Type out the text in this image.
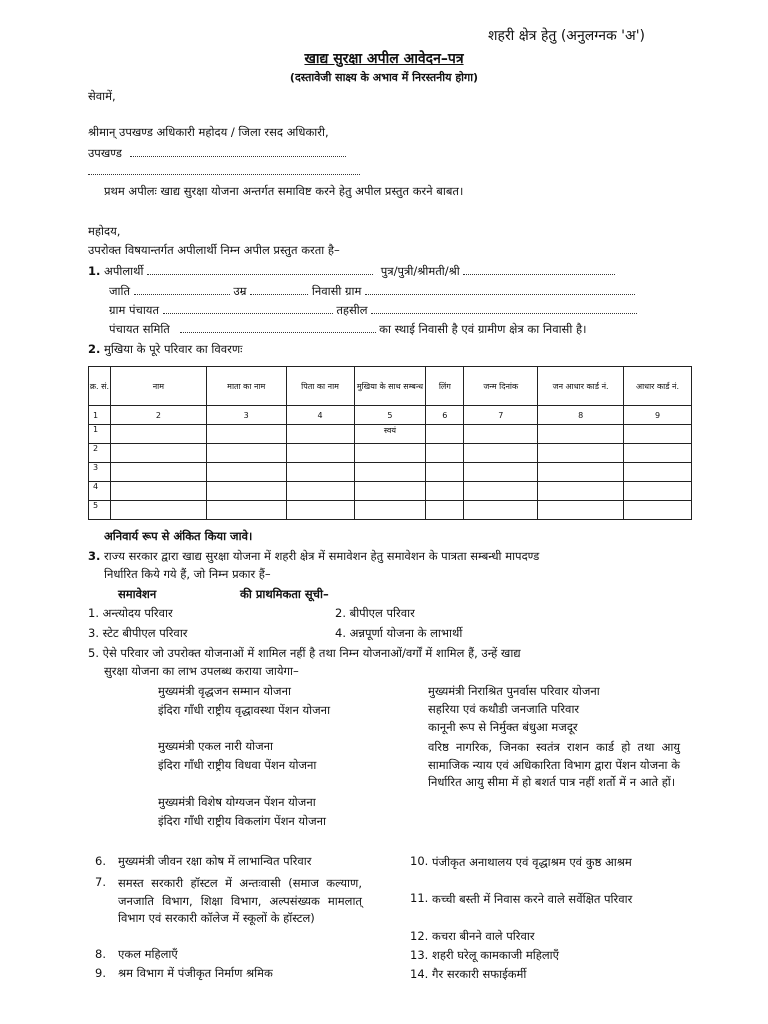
शहरी क्षेत्र हेतु (अनुलग्नक 'अ')
खाद्य सुरक्षा अपील आवेदन–पत्र
(दस्तावेजी साक्ष्य के अभाव में निरस्तनीय होगा)
सेवामें,
श्रीमान् उपखण्ड अधिकारी महोदय / जिला रसद अधिकारी,
उपखण्ड
प्रथम अपीलः खाद्य सुरक्षा योजना अन्तर्गत समाविष्ट करने हेतु अपील प्रस्तुत करने बाबत।
महोदय,
उपरोक्त विषयान्तर्गत अपीलार्थी निम्न अपील प्रस्तुत करता है–
1. अपीलार्थी	पुत्र/पुत्री/श्रीमती/श्री
जाति	उम्र	निवासी ग्राम
ग्राम पंचायत	तहसील
पंचायत समिति	का स्थाई निवासी है एवं ग्रामीण क्षेत्र का निवासी है।
2. मुखिया के पूरे परिवार का विवरणः
क्र. सं.	नाम	माता का नाम	पिता का नाम	मुखिया के साथ सम्बन्ध	लिंग	जन्म दिनांक	जन आधार कार्ड नं.	आधार कार्ड नं.
1	2	3	4	5	6	7	8	9
1				स्वयं				
2								
3								
4								
5								
अनिवार्य रूप से अंकित किया जावे।
3. राज्य सरकार द्वारा खाद्य सुरक्षा योजना में शहरी क्षेत्र में समावेशन हेतु समावेशन के पात्रता सम्बन्धी मापदण्ड
निर्धारित किये गये हैं, जो निम्न प्रकार हैं–
समावेशन	की प्राथमिकता सूची–
1. अन्त्योदय परिवार	2. बीपीएल परिवार
3. स्टेट बीपीएल परिवार	4. अन्नपूर्णा योजना के लाभार्थी
5. ऐसे परिवार जो उपरोक्त योजनाओं में शामिल नहीं है तथा निम्न योजनाओं/वर्गों में शामिल हैं, उन्हें खाद्य
सुरक्षा योजना का लाभ उपलब्ध कराया जायेगा–
मुख्यमंत्री वृद्धजन सम्मान योजना
इंदिरा गाँधी राष्ट्रीय वृद्धावस्था पेंशन योजना
मुख्यमंत्री एकल नारी योजना
इंदिरा गाँधी राष्ट्रीय विधवा पेंशन योजना
मुख्यमंत्री विशेष योग्यजन पेंशन योजना
इंदिरा गाँधी राष्ट्रीय विकलांग पेंशन योजना
मुख्यमंत्री निराश्रित पुनर्वास परिवार योजना
सहरिया एवं कथौडी जनजाति परिवार
कानूनी रूप से निर्मुक्त बंधुआ मजदूर
वरिष्ठ नागरिक, जिनका स्वतंत्र राशन कार्ड हो तथा आयु सामाजिक न्याय एवं अधिकारिता विभाग द्वारा पेंशन योजना के निर्धारित आयु सीमा में हो बशर्त पात्र नहीं शर्तो में न आते हों।
6. मुख्यमंत्री जीवन रक्षा कोष में लाभान्वित परिवार
7. समस्त सरकारी हॉस्टल में अन्तःवासी (समाज कल्याण, जनजाति विभाग, शिक्षा विभाग, अल्पसंख्यक मामलात् विभाग एवं सरकारी कॉलेज में स्कूलों के हॉस्टल)
8. एकल महिलाएँ
9. श्रम विभाग में पंजीकृत निर्माण श्रमिक
10. पंजीकृत अनाथालय एवं वृद्धाश्रम एवं कुष्ठ आश्रम
11. कच्ची बस्ती में निवास करने वाले सर्वेक्षित परिवार
12. कचरा बीनने वाले परिवार
13. शहरी घरेलू कामकाजी महिलाएँ
14. गैर सरकारी सफाईकर्मी
